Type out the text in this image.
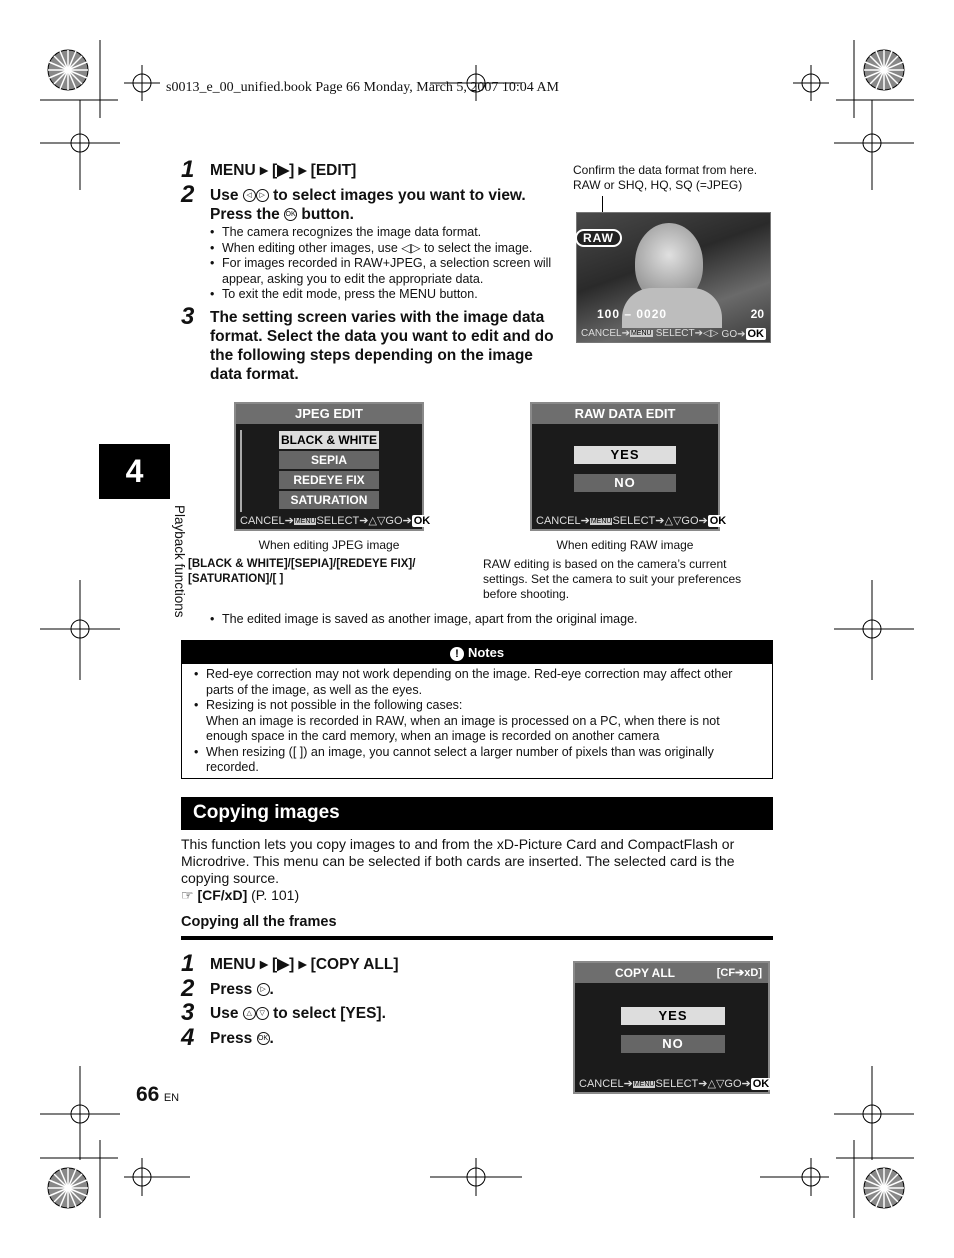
s0013_e_00_unified.book Page 66 Monday, March 5, 2007 10:04 AM
1 MENU ▸ [▶] ▸ [EDIT]
2 Use ◁ ▷ to select images you want to view.
Press the OK button.
• The camera recognizes the image data format.
• When editing other images, use ◁▷ to select the image.
• For images recorded in RAW+JPEG, a selection screen will appear, asking you to edit the appropriate data.
• To exit the edit mode, press the MENU button.
3 The setting screen varies with the image data format. Select the data you want to edit and do the following steps depending on the image data format.
Confirm the data format from here.
RAW or SHQ, HQ, SQ (=JPEG)
RAW
100 – 0020	20
CANCEL➔MENU SELECT➔◁▷ GO➔ OK
JPEG EDIT
BLACK & WHITE
SEPIA
REDEYE FIX
SATURATION
CANCEL➔MENU SELECT➔△▽ GO➔ OK
When editing JPEG image
[BLACK & WHITE]/[SEPIA]/[REDEYE FIX]/ [SATURATION]/[ ]
RAW DATA EDIT
YES
NO
CANCEL➔MENU SELECT➔△▽ GO➔ OK
When editing RAW image
RAW editing is based on the camera’s current settings. Set the camera to suit your preferences before shooting.
• The edited image is saved as another image, apart from the original image.
! Notes
• Red-eye correction may not work depending on the image. Red-eye correction may affect other parts of the image, as well as the eyes.
• Resizing is not possible in the following cases:
When an image is recorded in RAW, when an image is processed on a PC, when there is not enough space in the card memory, when an image is recorded on another camera
• When resizing ([ ]) an image, you cannot select a larger number of pixels than was originally recorded.
Copying images
This function lets you copy images to and from the xD-Picture Card and CompactFlash or Microdrive. This menu can be selected if both cards are inserted. The selected card is the copying source.
☞ [CF/xD] (P. 101)
Copying all the frames
1 MENU ▸ [▶] ▸ [COPY ALL]
2 Press ▷ .
3 Use △ ▽ to select [YES].
4 Press OK.
COPY ALL	[CF➔xD]
YES
NO
CANCEL➔MENU SELECT➔△▽ GO➔ OK
4
Playback functions
66 EN
